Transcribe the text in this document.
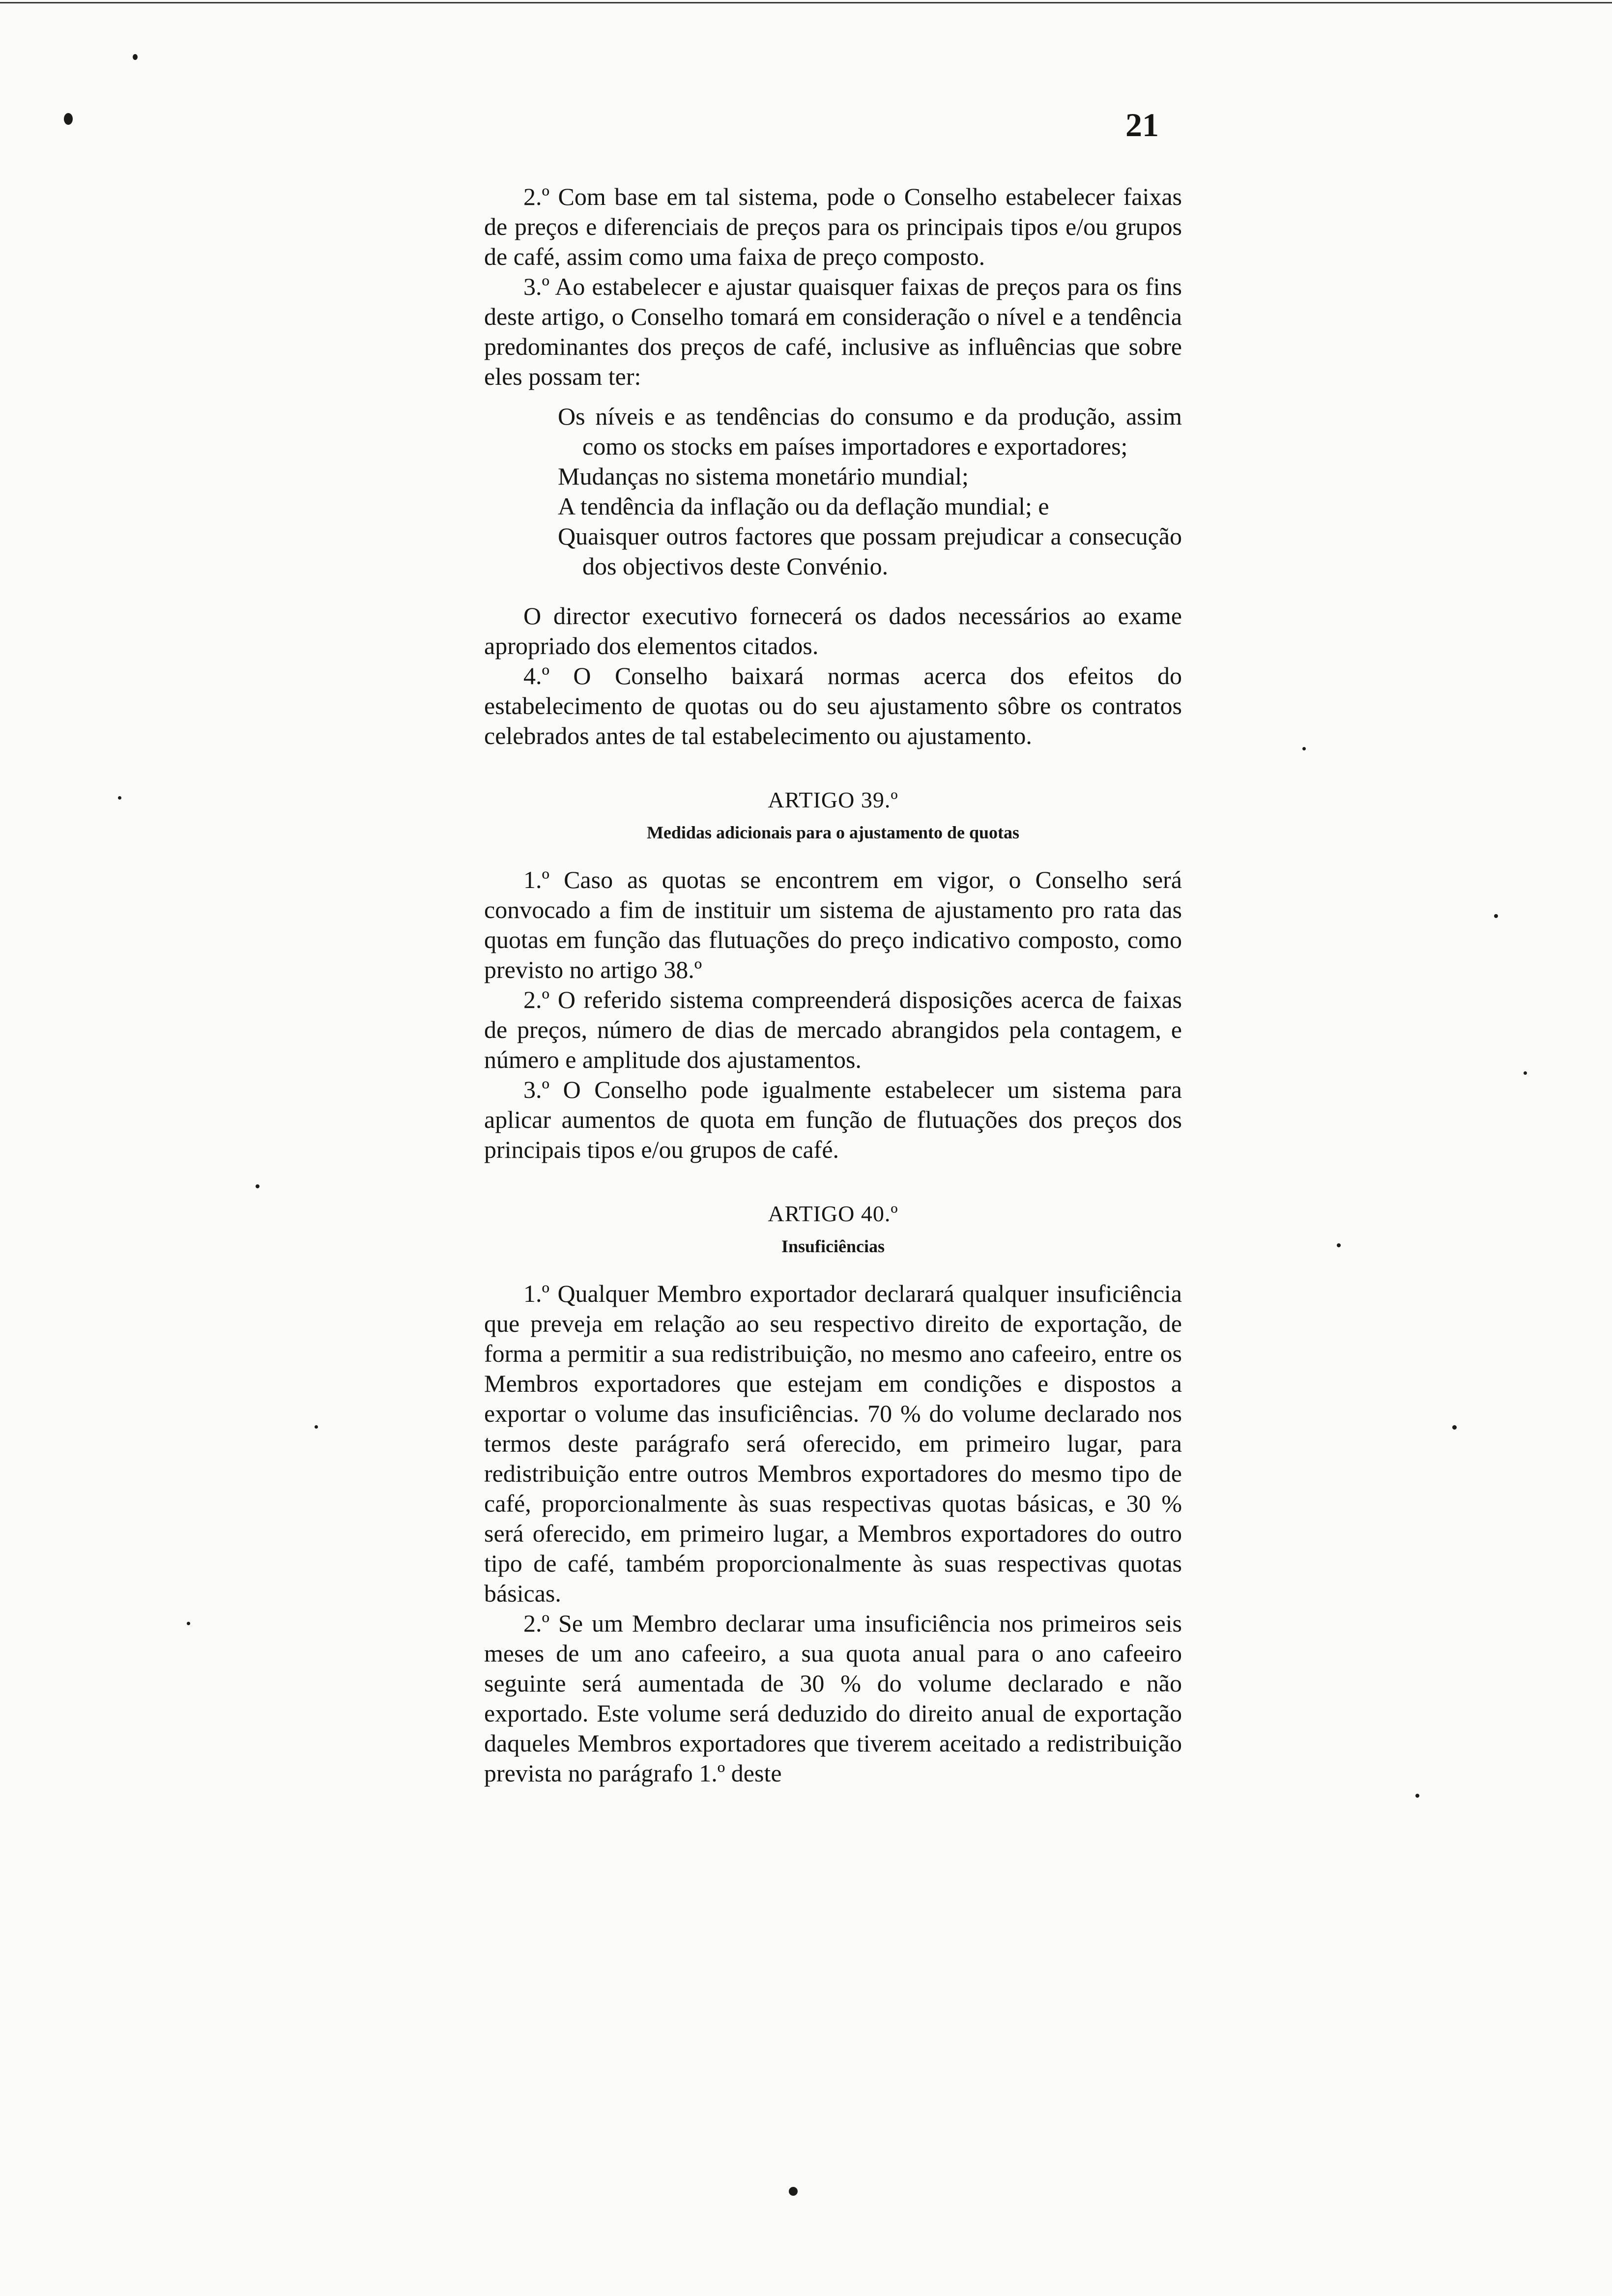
21

2.º Com base em tal sistema, pode o Conselho estabelecer faixas de preços e diferenciais de preços para os principais tipos e/ou grupos de café, assim como uma faixa de preço composto.

3.º Ao estabelecer e ajustar quaisquer faixas de preços para os fins deste artigo, o Conselho tomará em consideração o nível e a tendência predominantes dos preços de café, inclusive as influências que sobre eles possam ter:

Os níveis e as tendências do consumo e da produção, assim como os stocks em países importadores e exportadores;

Mudanças no sistema monetário mundial;

A tendência da inflação ou da deflação mundial; e

Quaisquer outros factores que possam prejudicar a consecução dos objectivos deste Convénio.

O director executivo fornecerá os dados necessários ao exame apropriado dos elementos citados.

4.º O Conselho baixará normas acerca dos efeitos do estabelecimento de quotas ou do seu ajustamento sôbre os contratos celebrados antes de tal estabelecimento ou ajustamento.

ARTIGO 39.º
Medidas adicionais para o ajustamento de quotas

1.º Caso as quotas se encontrem em vigor, o Conselho será convocado a fim de instituir um sistema de ajustamento pro rata das quotas em função das flutuações do preço indicativo composto, como previsto no artigo 38.º

2.º O referido sistema compreenderá disposições acerca de faixas de preços, número de dias de mercado abrangidos pela contagem, e número e amplitude dos ajustamentos.

3.º O Conselho pode igualmente estabelecer um sistema para aplicar aumentos de quota em função de flutuações dos preços dos principais tipos e/ou grupos de café.

ARTIGO 40.º
Insuficiências

1.º Qualquer Membro exportador declarará qualquer insuficiência que preveja em relação ao seu respectivo direito de exportação, de forma a permitir a sua redistribuição, no mesmo ano cafeeiro, entre os Membros exportadores que estejam em condições e dispostos a exportar o volume das insuficiências. 70 % do volume declarado nos termos deste parágrafo será oferecido, em primeiro lugar, para redistribuição entre outros Membros exportadores do mesmo tipo de café, proporcionalmente às suas respectivas quotas básicas, e 30 % será oferecido, em primeiro lugar, a Membros exportadores do outro tipo de café, também proporcionalmente às suas respectivas quotas básicas.

2.º Se um Membro declarar uma insuficiência nos primeiros seis meses de um ano cafeeiro, a sua quota anual para o ano cafeeiro seguinte será aumentada de 30 % do volume declarado e não exportado. Este volume será deduzido do direito anual de exportação daqueles Membros exportadores que tiverem aceitado a redistribuição prevista no parágrafo 1.º deste
